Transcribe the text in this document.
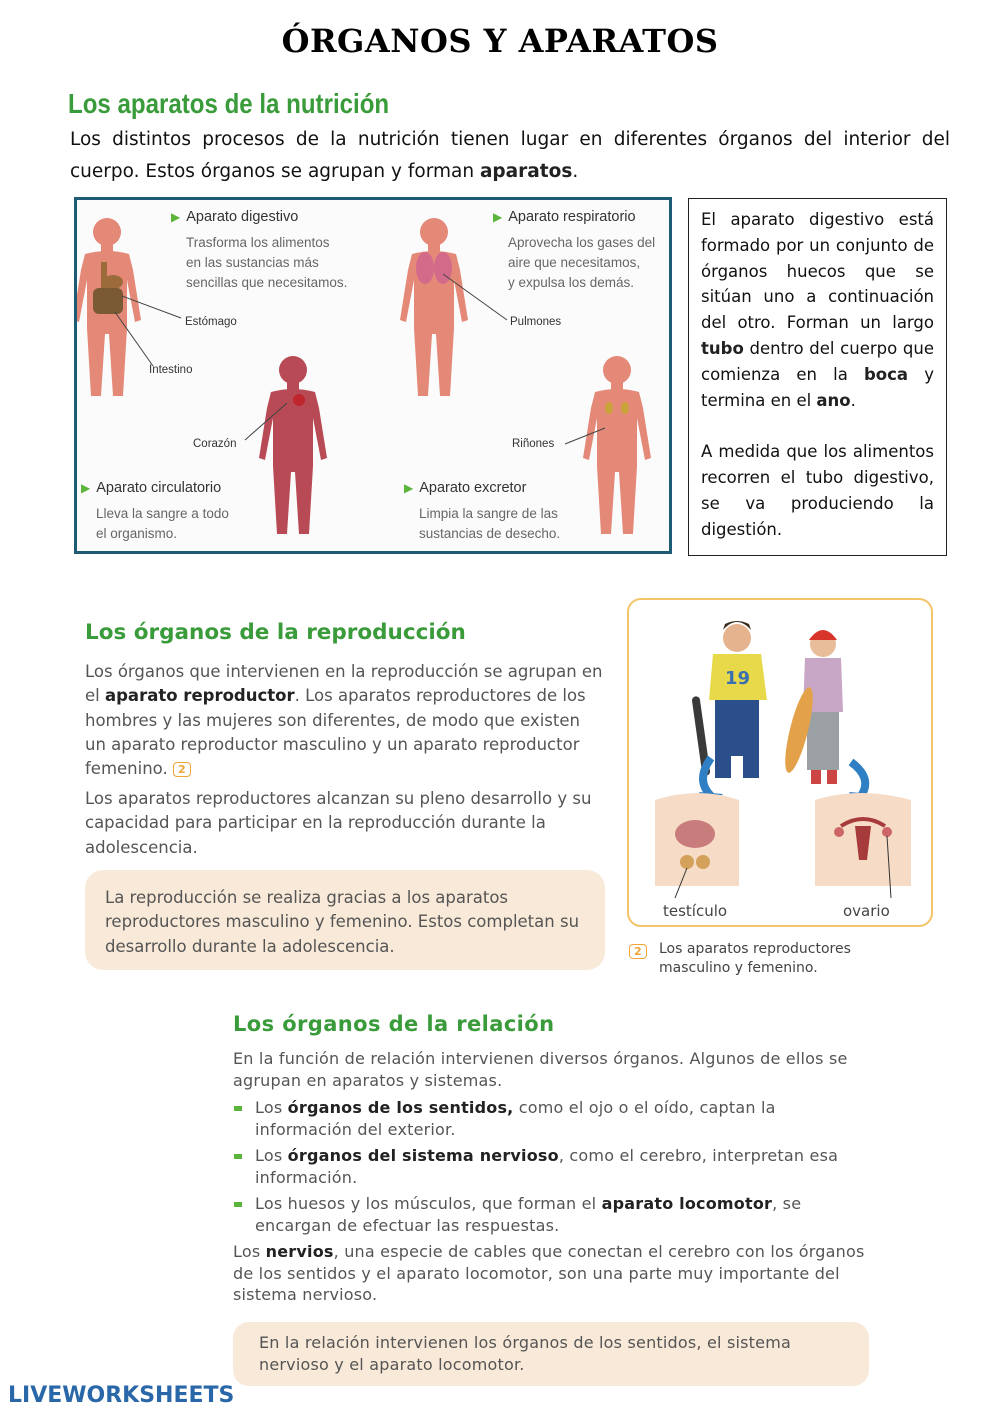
ÓRGANOS Y APARATOS
Los aparatos de la nutrición
Los distintos procesos de la nutrición tienen lugar en diferentes órganos del interior del cuerpo. Estos órganos se agrupan y forman aparatos.
▶ Aparato digestivo
Trasforma los alimentos
en las sustancias más
sencillas que necesitamos.
▶ Aparato respiratorio
Aprovecha los gases del
aire que necesitamos,
y expulsa los demás.
▶ Aparato circulatorio
Lleva la sangre a todo
el organismo.
▶ Aparato excretor
Limpia la sangre de las
sustancias de desecho.
Estómago
Intestino
Pulmones
Corazón	Riñones

El aparato digestivo está formado por un conjunto de órganos huecos que se sitúan uno a continuación del otro. Forman un largo tubo dentro del cuerpo que comienza en la boca y termina en el ano.

A medida que los alimentos recorren el tubo digestivo, se va produciendo la digestión.

Los órganos de la reproducción
Los órganos que intervienen en la reproducción se agrupan en el aparato reproductor. Los aparatos reproductores de los hombres y las mujeres son diferentes, de modo que existen un aparato reproductor masculino y un aparato reproductor femenino. 2
Los aparatos reproductores alcanzan su pleno desarrollo y su capacidad para participar en la reproducción durante la adolescencia.
La reproducción se realiza gracias a los aparatos reproductores masculino y femenino. Estos completan su desarrollo durante la adolescencia.
19
testículo	ovario
2	Los aparatos reproductores masculino y femenino.
Los órganos de la relación
En la función de relación intervienen diversos órganos. Algunos de ellos se agrupan en aparatos y sistemas.
Los órganos de los sentidos, como el ojo o el oído, captan la información del exterior.
Los órganos del sistema nervioso, como el cerebro, interpretan esa información.
Los huesos y los músculos, que forman el aparato locomotor, se encargan de efectuar las respuestas.
Los nervios, una especie de cables que conectan el cerebro con los órganos de los sentidos y el aparato locomotor, son una parte muy importante del sistema nervioso.
En la relación intervienen los órganos de los sentidos, el sistema nervioso y el aparato locomotor.
LIVEWORKSHEETS
